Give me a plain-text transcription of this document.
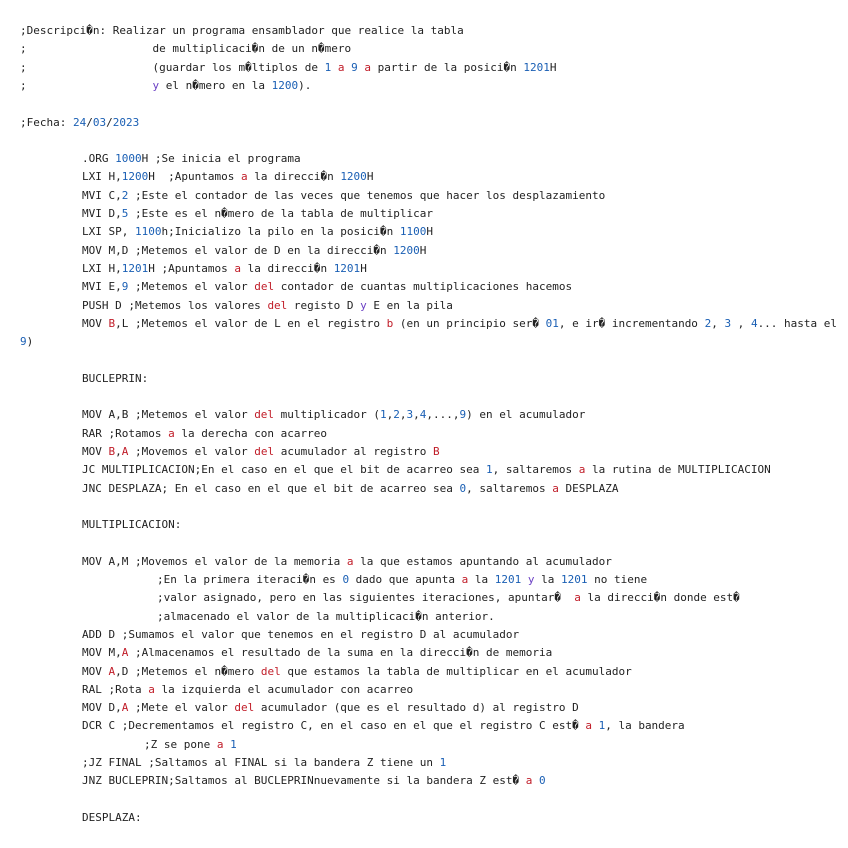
;Descripci�n: Realizar un programa ensamblador que realice la tabla
;                   de multiplicaci�n de un n�mero
;                   (guardar los m�ltiplos de 1 a 9 a partir de la posici�n 1201H
;                   y el n�mero en la 1200).
;Fecha: 24/03/2023
.ORG 1000H ;Se inicia el programa
LXI H,1200H  ;Apuntamos a la direcci�n 1200H
MVI C,2 ;Este el contador de las veces que tenemos que hacer los desplazamiento
MVI D,5 ;Este es el n�mero de la tabla de multiplicar
LXI SP, 1100h;Inicializo la pilo en la posici�n 1100H
MOV M,D ;Metemos el valor de D en la direcci�n 1200H
LXI H,1201H ;Apuntamos a la direcci�n 1201H
MVI E,9 ;Metemos el valor del contador de cuantas multiplicaciones hacemos
PUSH D ;Metemos los valores del registo D y E en la pila
MOV B,L ;Metemos el valor de L en el registro b (en un principio ser� 01, e ir� incrementando 2, 3 , 4... hasta el
9)
BUCLEPRIN:
MOV A,B ;Metemos el valor del multiplicador (1,2,3,4,...,9) en el acumulador
RAR ;Rotamos a la derecha con acarreo
MOV B,A ;Movemos el valor del acumulador al registro B
JC MULTIPLICACION;En el caso en el que el bit de acarreo sea 1, saltaremos a la rutina de MULTIPLICACION
JNC DESPLAZA; En el caso en el que el bit de acarreo sea 0, saltaremos a DESPLAZA
MULTIPLICACION:
MOV A,M ;Movemos el valor de la memoria a la que estamos apuntando al acumulador
;En la primera iteraci�n es 0 dado que apunta a la 1201 y la 1201 no tiene
;valor asignado, pero en las siguientes iteraciones, apuntar�  a la direcci�n donde est�
;almacenado el valor de la multiplicaci�n anterior.
ADD D ;Sumamos el valor que tenemos en el registro D al acumulador
MOV M,A ;Almacenamos el resultado de la suma en la direcci�n de memoria
MOV A,D ;Metemos el n�mero del que estamos la tabla de multiplicar en el acumulador
RAL ;Rota a la izquierda el acumulador con acarreo
MOV D,A ;Mete el valor del acumulador (que es el resultado d) al registro D
DCR C ;Decrementamos el registro C, en el caso en el que el registro C est� a 1, la bandera
;Z se pone a 1
;JZ FINAL ;Saltamos al FINAL si la bandera Z tiene un 1
JNZ BUCLEPRIN;Saltamos al BUCLEPRINnuevamente si la bandera Z est� a 0
DESPLAZA:
